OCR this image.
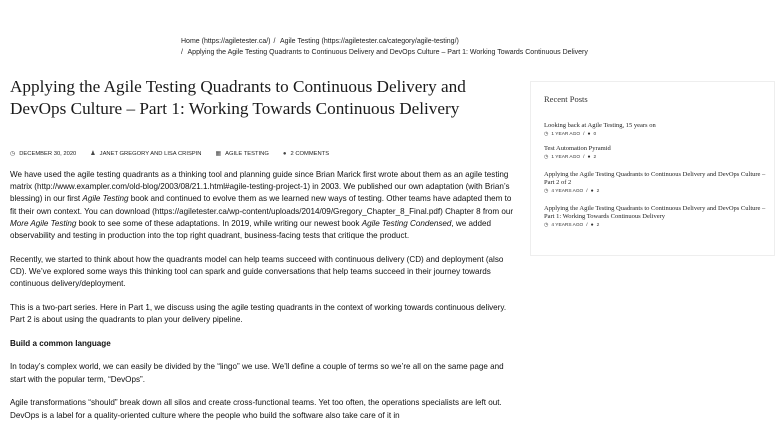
Home (https://agiletester.ca/) / Agile Testing (https://agiletester.ca/category/agile-testing/)
/ Applying the Agile Testing Quadrants to Continuous Delivery and DevOps Culture – Part 1: Working Towards Continuous Delivery
Applying the Agile Testing Quadrants to Continuous Delivery and DevOps Culture – Part 1: Working Towards Continuous Delivery
◷ DECEMBER 30, 2020 ♟ JANET GREGORY AND LISA CRISPIN ▦ AGILE TESTING ● 2 COMMENTS

We have used the agile testing quadrants as a thinking tool and planning guide since Brian Marick first wrote about them as an agile testing matrix (http://www.exampler.com/old-blog/2003/08/21.1.html#agile-testing-project-1) in 2003. We published our own adaptation (with Brian’s blessing) in our first Agile Testing book and continued to evolve them as we learned new ways of testing. Other teams have adapted them to fit their own context. You can download (https://agiletester.ca/wp-content/uploads/2014/09/Gregory_Chapter_8_Final.pdf) Chapter 8 from our More Agile Testing book to see some of these adaptations. In 2019, while writing our newest book Agile Testing Condensed, we added observability and testing in production into the top right quadrant, business-facing tests that critique the product.

Recently, we started to think about how the quadrants model can help teams succeed with continuous delivery (CD) and deployment (also CD). We’ve explored some ways this thinking tool can spark and guide conversations that help teams succeed in their journey towards continuous delivery/deployment.

This is a two-part series. Here in Part 1, we discuss using the agile testing quadrants in the context of working towards continuous delivery. Part 2 is about using the quadrants to plan your delivery pipeline.

Build a common language

In today’s complex world, we can easily be divided by the “lingo” we use. We’ll define a couple of terms so we’re all on the same page and start with the popular term, “DevOps”.

Agile transformations “should” break down all silos and create cross-functional teams. Yet too often, the operations specialists are left out. DevOps is a label for a quality-oriented culture where the people who build the software also take care of it in

Recent Posts
Looking back at Agile Testing, 15 years on
◷ 1 YEAR AGO / ● 0
Test Automation Pyramid
◷ 1 YEAR AGO / ● 2
Applying the Agile Testing Quadrants to Continuous Delivery and DevOps Culture – Part 2 of 2
◷ 4 YEARS AGO / ● 2
Applying the Agile Testing Quadrants to Continuous Delivery and DevOps Culture – Part 1: Working Towards Continuous Delivery
◷ 4 YEARS AGO / ● 2
